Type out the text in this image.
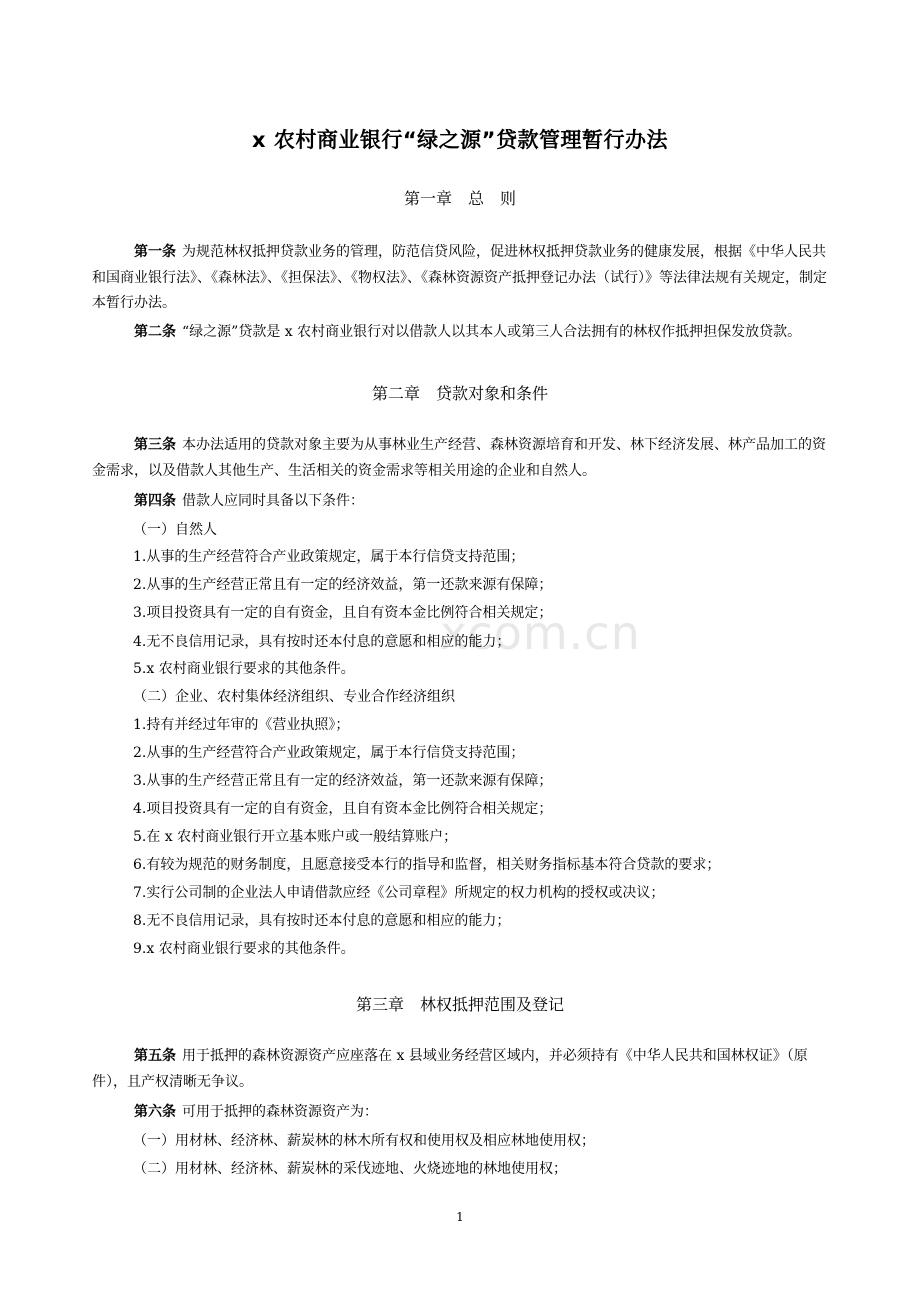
xcom.cn
x 农村商业银行“绿之源”贷款管理暂行办法
第一章　总　则

第一条 为规范林权抵押贷款业务的管理，防范信贷风险，促进林权抵押贷款业务的健康发展，根据《中华人民共和国商业银行法》、《森林法》、《担保法》、《物权法》、《森林资源资产抵押登记办法（试行）》等法律法规有关规定，制定本暂行办法。

第二条 “绿之源”贷款是 x 农村商业银行对以借款人以其本人或第三人合法拥有的林权作抵押担保发放贷款。

第二章　贷款对象和条件

第三条 本办法适用的贷款对象主要为从事林业生产经营、森林资源培育和开发、林下经济发展、林产品加工的资金需求，以及借款人其他生产、生活相关的资金需求等相关用途的企业和自然人。

第四条 借款人应同时具备以下条件：

（一）自然人

1.从事的生产经营符合产业政策规定，属于本行信贷支持范围；

2.从事的生产经营正常且有一定的经济效益，第一还款来源有保障；

3.项目投资具有一定的自有资金，且自有资本金比例符合相关规定；

4.无不良信用记录，具有按时还本付息的意愿和相应的能力；

5.x 农村商业银行要求的其他条件。

（二）企业、农村集体经济组织、专业合作经济组织

1.持有并经过年审的《营业执照》；

2.从事的生产经营符合产业政策规定，属于本行信贷支持范围；

3.从事的生产经营正常且有一定的经济效益，第一还款来源有保障；

4.项目投资具有一定的自有资金，且自有资本金比例符合相关规定；

5.在 x 农村商业银行开立基本账户或一般结算账户；

6.有较为规范的财务制度，且愿意接受本行的指导和监督，相关财务指标基本符合贷款的要求；

7.实行公司制的企业法人申请借款应经《公司章程》所规定的权力机构的授权或决议；

8.无不良信用记录，具有按时还本付息的意愿和相应的能力；

9.x 农村商业银行要求的其他条件。

第三章　林权抵押范围及登记

第五条 用于抵押的森林资源资产应座落在 x 县域业务经营区域内，并必须持有《中华人民共和国林权证》（原件），且产权清晰无争议。

第六条 可用于抵押的森林资源资产为：

（一）用材林、经济林、薪炭林的林木所有权和使用权及相应林地使用权；

（二）用材林、经济林、薪炭林的采伐迹地、火烧迹地的林地使用权；

1
